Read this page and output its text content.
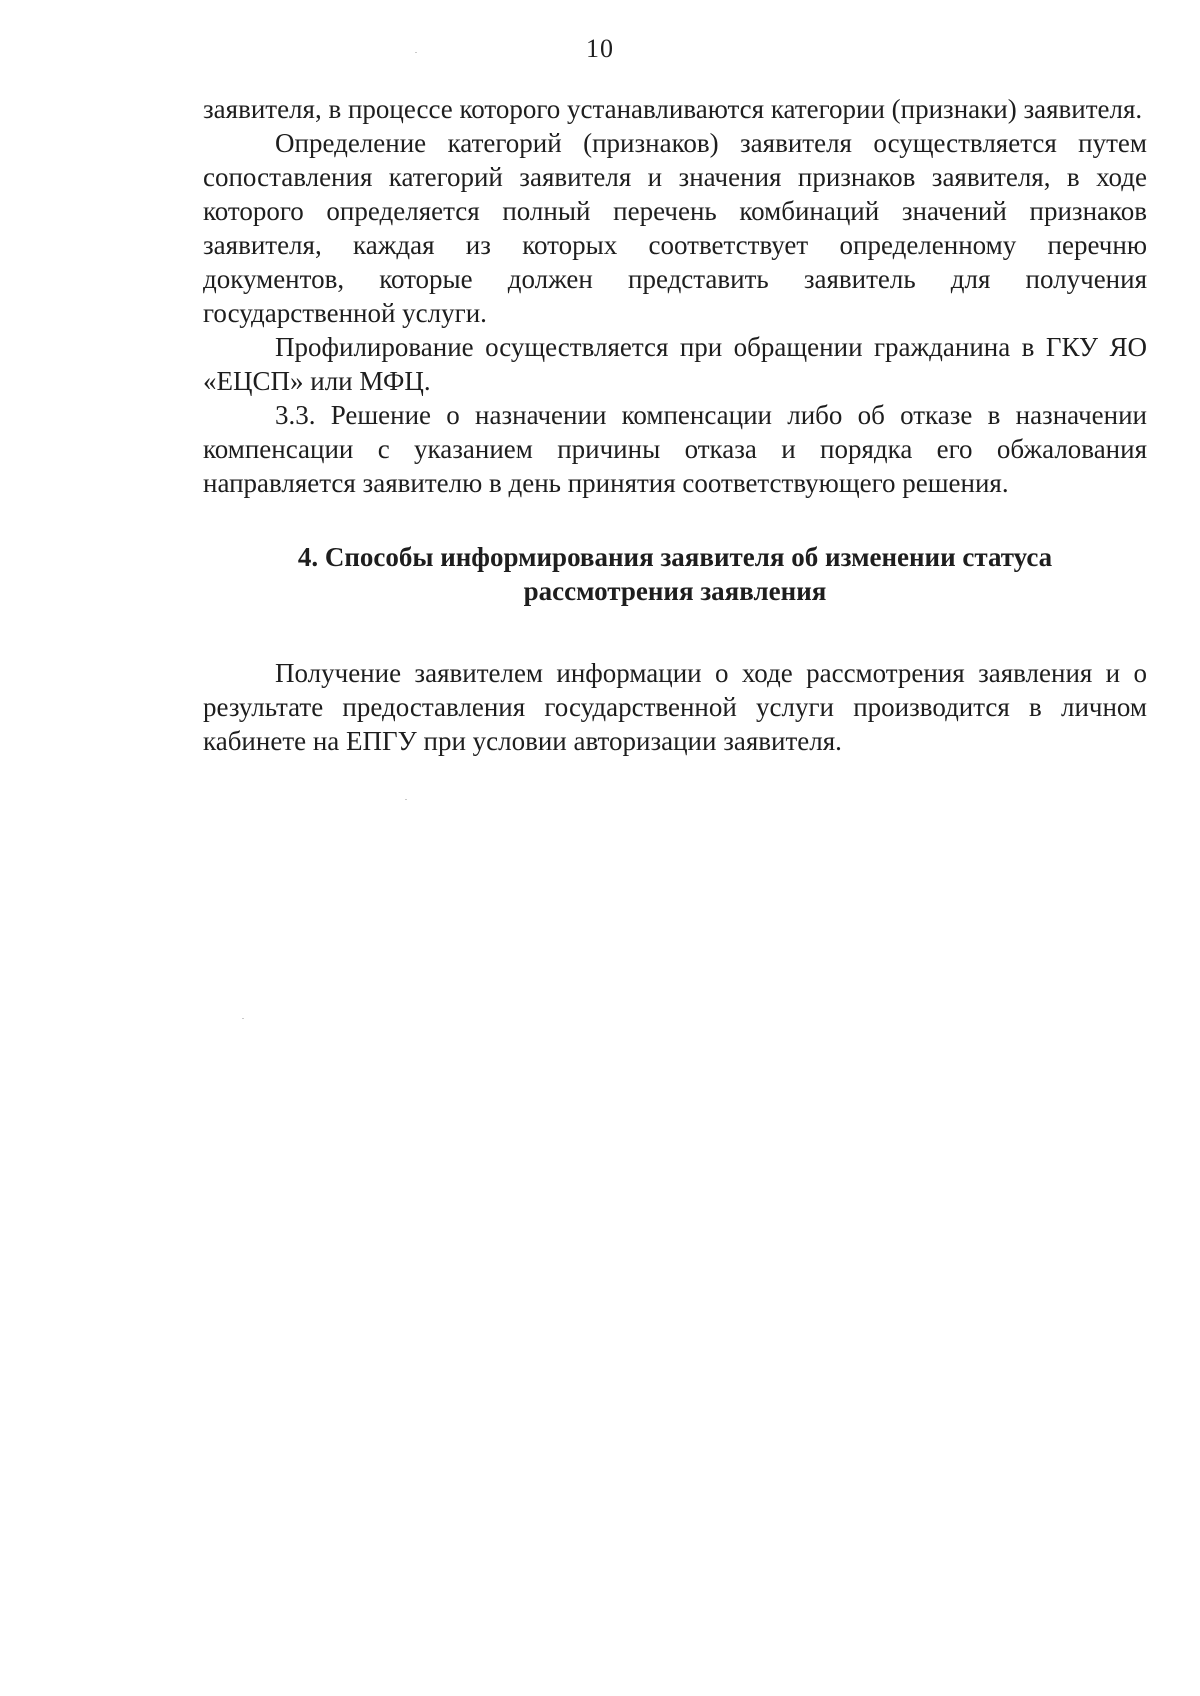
10

заявителя, в процессе которого устанавливаются категории (признаки) заявителя.

Определение категорий (признаков) заявителя осуществляется путем сопоставления категорий заявителя и значения признаков заявителя, в ходе которого определяется полный перечень комбинаций значений признаков заявителя, каждая из которых соответствует определенному перечню документов, которые должен представить заявитель для получения государственной услуги.

Профилирование осуществляется при обращении гражданина в ГКУ ЯО «ЕЦСП» или МФЦ.

3.3. Решение о назначении компенсации либо об отказе в назначении компенсации с указанием причины отказа и порядка его обжалования направляется заявителю в день принятия соответствующего решения.

4. Способы информирования заявителя об изменении статуса
рассмотрения заявления

Получение заявителем информации о ходе рассмотрения заявления и о результате предоставления государственной услуги производится в личном кабинете на ЕПГУ при условии авторизации заявителя.
